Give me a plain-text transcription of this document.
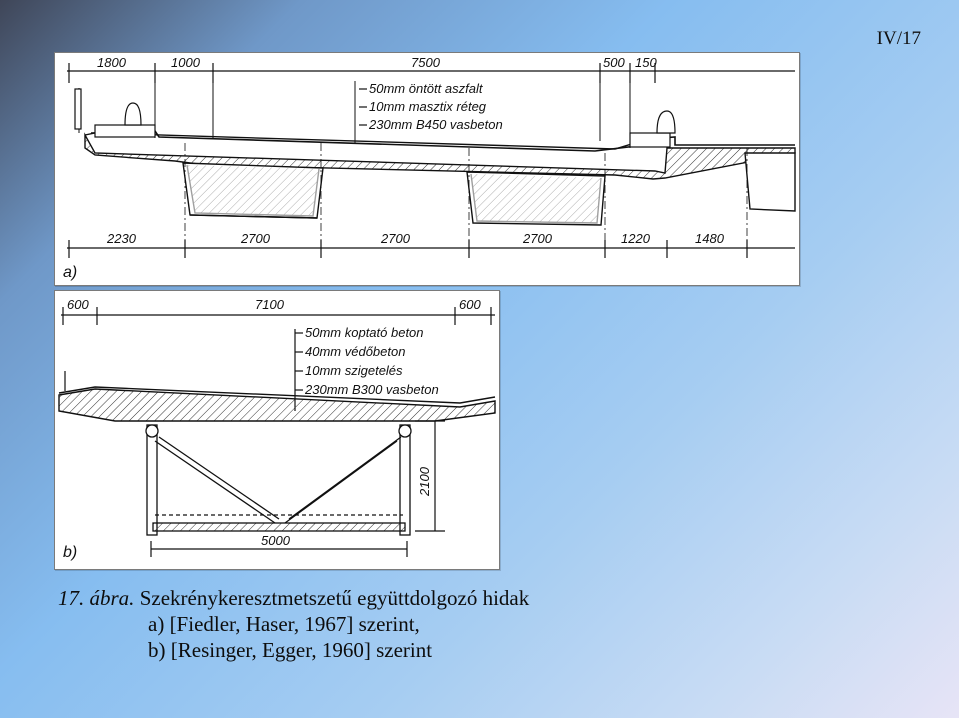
IV/17
1800	1000	7500	500 150
50mm öntött aszfalt
10mm masztix réteg
230mm B450 vasbeton
2230	2700	2700	2700	1220	1480
a)
600	7100	600
50mm koptató beton
40mm védőbeton
10mm szigetelés
230mm B300 vasbeton
2100
5000
b)
17. ábra. Szekrénykeresztmetszetű együttdolgozó hidak
a) [Fiedler, Haser, 1967] szerint,
b) [Resinger, Egger, 1960] szerint
